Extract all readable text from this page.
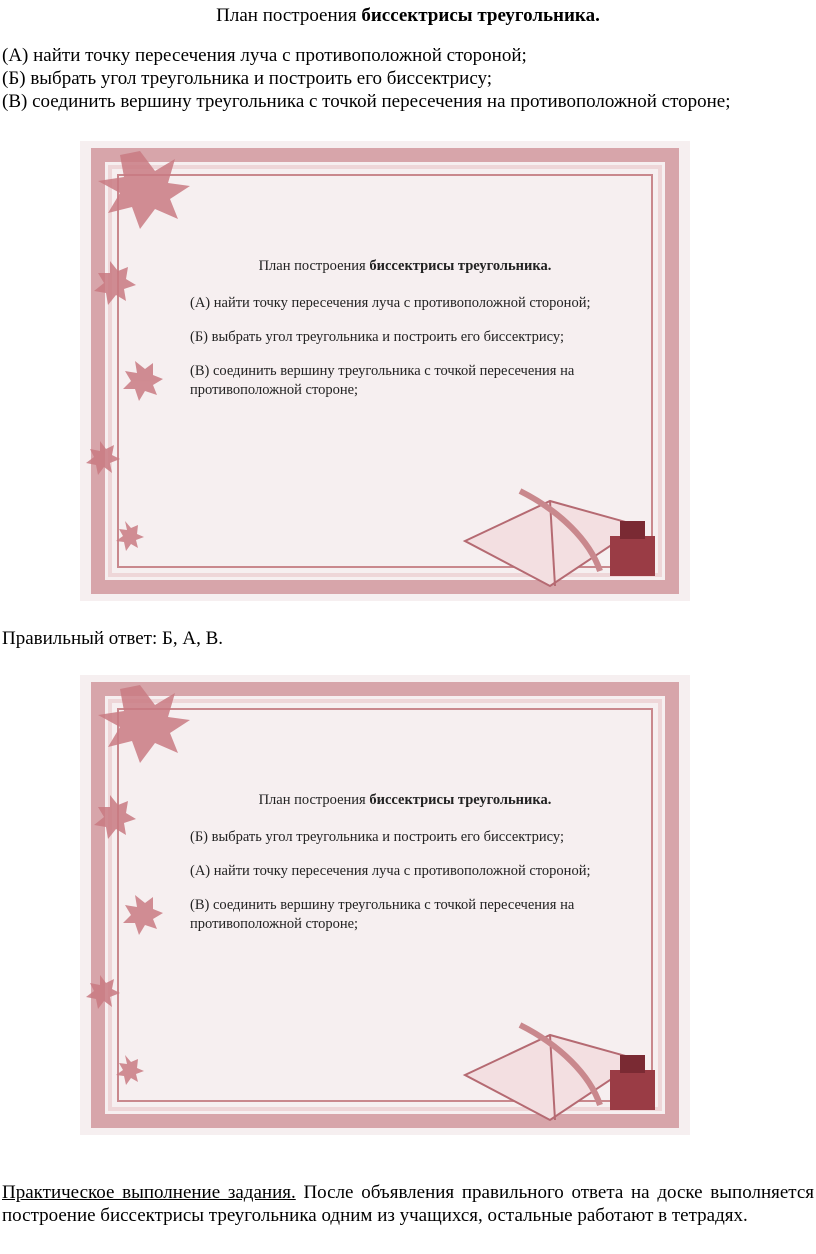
План построения биссектрисы треугольника.
(А) найти точку пересечения луча с противоположной стороной;
(Б) выбрать угол треугольника и построить его биссектрису;
(В) соединить вершину треугольника с точкой пересечения на противоположной стороне;
План построения биссектрисы треугольника.
(А) найти точку пересечения луча с противоположной стороной;
(Б) выбрать угол треугольника и построить его биссектрису;
(В) соединить вершину треугольника с точкой пересечения на противоположной стороне;
Правильный ответ: Б, А, В.
План построения биссектрисы треугольника.
(Б) выбрать угол треугольника и построить его биссектрису;
(А) найти точку пересечения луча с противоположной стороной;
(В) соединить вершину треугольника с точкой пересечения на противоположной стороне;
Практическое выполнение задания. После объявления правильного ответа на доске выполняется построение биссектрисы треугольника одним из учащихся, остальные работают в тетрадях.
